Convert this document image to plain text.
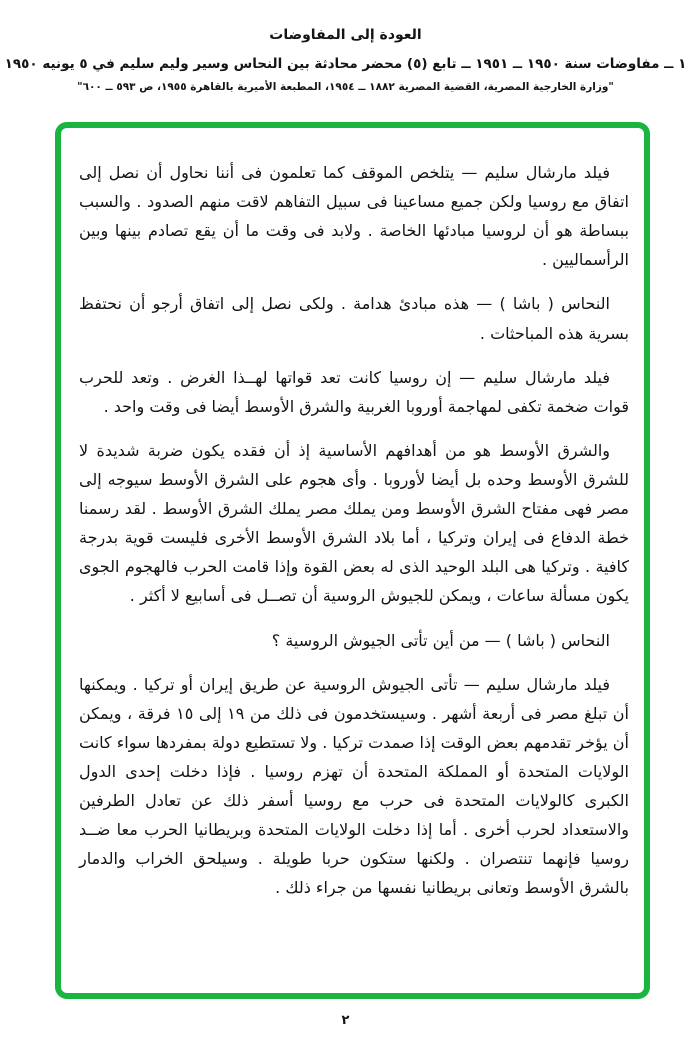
العودة إلى المفاوضات
١ ــ مفاوضات سنة ١٩٥٠ ــ ١٩٥١ ــ تابع (٥) محضر محادثة بين النحاس وسير وليم سليم في ٥ يونيه ١٩٥٠
"وزارة الخارجية المصرية، القضية المصرية ١٨٨٢ ــ ١٩٥٤، المطبعة الأميرية بالقاهرة ١٩٥٥، ص ٥٩٣ ــ ٦٠٠"

فيلد مارشال سليم — يتلخص الموقف كما تعلمون فى أننا نحاول أن نصل إلى اتفاق مع روسيا ولكن جميع مساعينا فى سبيل التفاهم لاقت منهم الصدود . والسبب ببساطة هو أن لروسيا مبادئها الخاصة . ولابد فى وقت ما أن يقع تصادم بينها وبين الرأسماليين .

النحاس ( باشا ) — هذه مبادئ هدامة . ولكى نصل إلى اتفاق أرجو أن نحتفظ بسرية هذه المباحثات .

فيلد مارشال سليم — إن روسيا كانت تعد قواتها لهــذا الغرض . وتعد للحرب قوات ضخمة تكفى لمهاجمة أوروبا الغربية والشرق الأوسط أيضا فى وقت واحد .

والشرق الأوسط هو من أهدافهم الأساسية إذ أن فقده يكون ضربة شديدة لا للشرق الأوسط وحده بل أيضا لأوروبا . وأى هجوم على الشرق الأوسط سيوجه إلى مصر فهى مفتاح الشرق الأوسط ومن يملك مصر يملك الشرق الأوسط . لقد رسمنا خطة الدفاع فى إيران وتركيا ، أما بلاد الشرق الأوسط الأخرى فليست قوية بدرجة كافية . وتركيا هى البلد الوحيد الذى له بعض القوة وإذا قامت الحرب فالهجوم الجوى يكون مسألة ساعات ، ويمكن للجيوش الروسية أن تصــل فى أسابيع لا أكثر .

النحاس ( باشا ) — من أين تأتى الجيوش الروسية ؟

فيلد مارشال سليم — تأتى الجيوش الروسية عن طريق إيران أو تركيا . ويمكنها أن تبلغ مصر فى أربعة أشهر . وسيستخدمون فى ذلك من ١٩ إلى ١٥ فرقة ، ويمكن أن يؤخر تقدمهم بعض الوقت إذا صمدت تركيا . ولا تستطيع دولة بمفردها سواء كانت الولايات المتحدة أو المملكة المتحدة أن تهزم روسيا . فإذا دخلت إحدى الدول الكبرى كالولايات المتحدة فى حرب مع روسيا أسفر ذلك عن تعادل الطرفين والاستعداد لحرب أخرى . أما إذا دخلت الولايات المتحدة وبريطانيا الحرب معا ضــد روسيا فإنهما تنتصران . ولكنها ستكون حربا طويلة . وسيلحق الخراب والدمار بالشرق الأوسط وتعانى بريطانيا نفسها من جراء ذلك .

٢
